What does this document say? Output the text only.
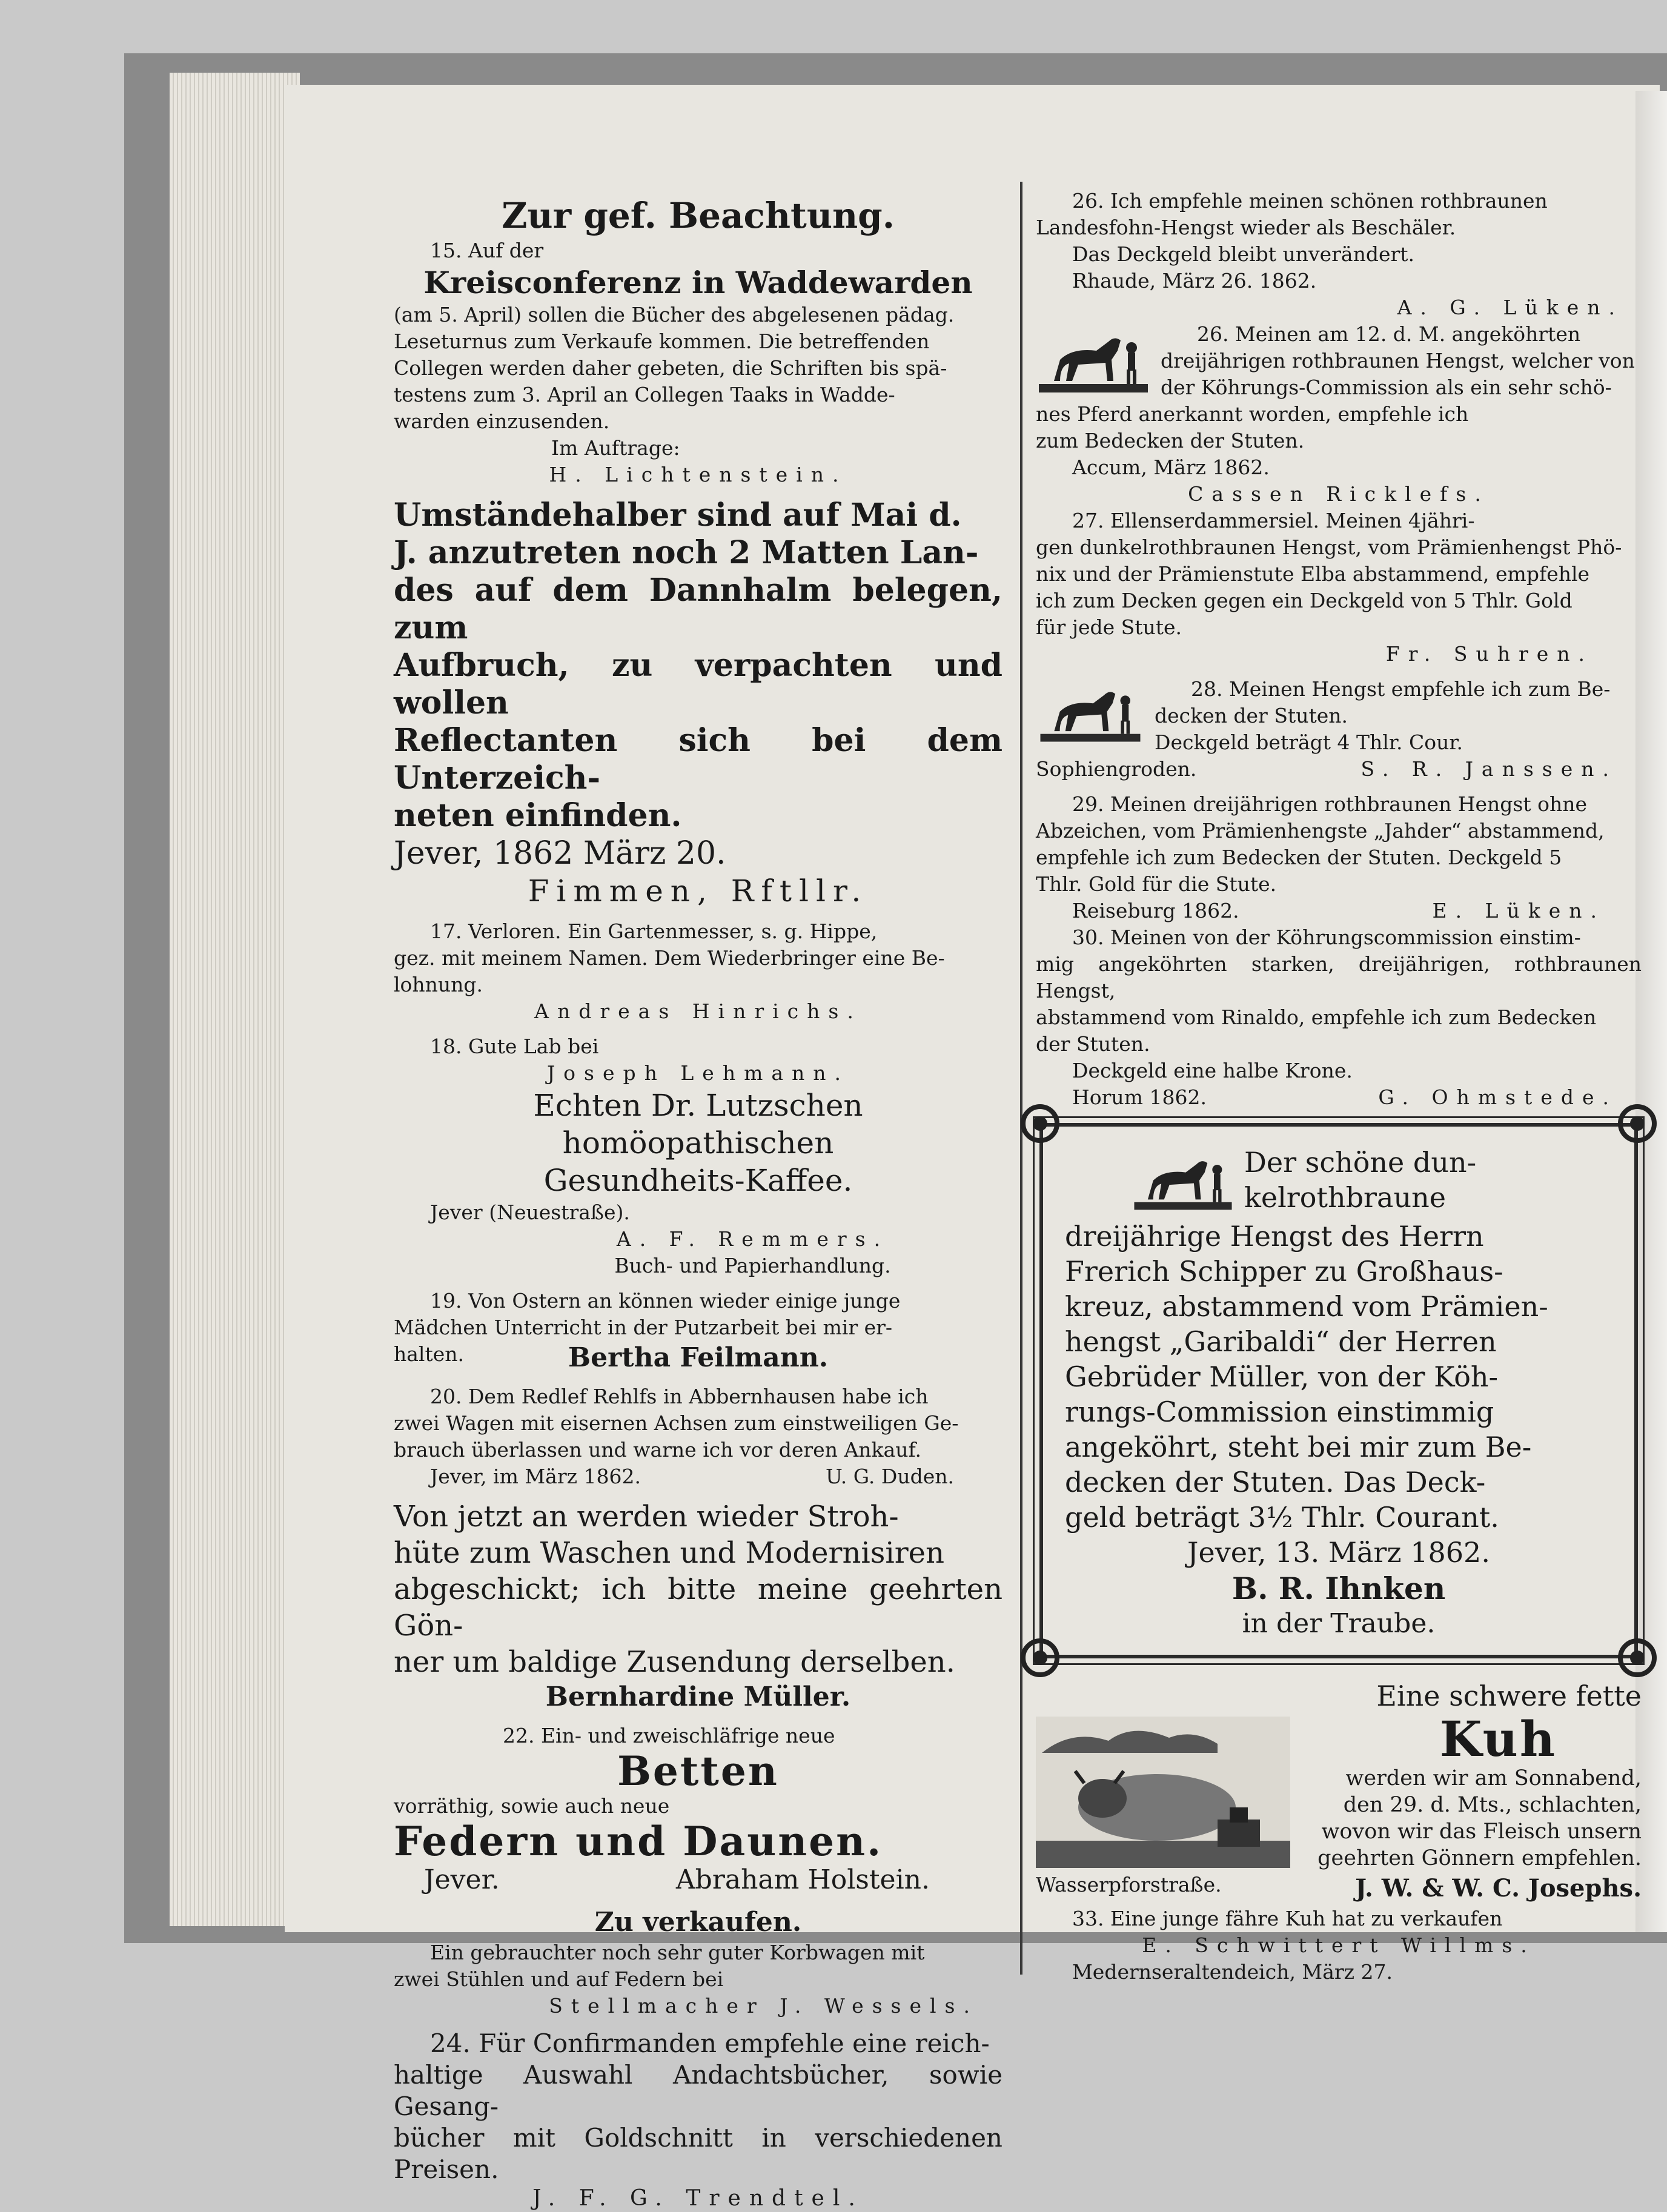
Zur gef. Beachtung.

15. Auf der

Kreisconferenz in Waddewarden

(am 5. April) sollen die Bücher des abgelesenen pädag.

Leseturnus zum Verkaufe kommen. Die betreffenden

Collegen werden daher gebeten, die Schriften bis spä-

testens zum 3. April an Collegen Taaks in Wadde-

warden einzusenden.

Im Auftrage:

H. Lichtenstein.

Umständehalber sind auf Mai d.

J. anzutreten noch 2 Matten Lan-

des auf dem Dannhalm belegen, zum

Aufbruch, zu verpachten und wollen

Reflectanten sich bei dem Unterzeich-

neten einfinden.

Jever, 1862 März 20.

Fimmen, Rftllr.

17. Verloren. Ein Gartenmesser, s. g. Hippe,

gez. mit meinem Namen. Dem Wiederbringer eine Be-

lohnung.

Andreas Hinrichs.

18. Gute Lab bei

Joseph Lehmann.

Echten Dr. Lutzschen homöopathischen

Gesundheits-Kaffee.

Jever (Neuestraße).

A. F. Remmers.

Buch- und Papierhandlung.

19. Von Ostern an können wieder einige junge

Mädchen Unterricht in der Putzarbeit bei mir er-

halten.	Bertha Feilmann.

20. Dem Redlef Rehlfs in Abbernhausen habe ich

zwei Wagen mit eisernen Achsen zum einstweiligen Ge-

brauch überlassen und warne ich vor deren Ankauf.

Jever, im März 1862.	U. G. Duden.

Von jetzt an werden wieder Stroh-

hüte zum Waschen und Modernisiren

abgeschickt; ich bitte meine geehrten Gön-

ner um baldige Zusendung derselben.

Bernhardine Müller.

22. Ein- und zweischläfrige neue

Betten

vorräthig, sowie auch neue

Federn und Daunen.

Jever.	Abraham Holstein.

Zu verkaufen.

Ein gebrauchter noch sehr guter Korbwagen mit

zwei Stühlen und auf Federn bei

Stellmacher J. Wessels.

24. Für Confirmanden empfehle eine reich-

haltige Auswahl Andachtsbücher, sowie Gesang-

bücher mit Goldschnitt in verschiedenen Preisen.

J. F. G. Trendtel.

26. Ich empfehle meinen schönen rothbraunen

Landesfohn-Hengst wieder als Beschäler.

Das Deckgeld bleibt unverändert.

Rhaude, März 26. 1862.

A. G. Lüken.

26. Meinen am 12. d. M. angeköhrten

dreijährigen rothbraunen Hengst, welcher von

der Köhrungs-Commission als ein sehr schö-

nes Pferd anerkannt worden, empfehle ich

zum Bedecken der Stuten.

Accum, März 1862.

Cassen Ricklefs.

27. Ellenserdammersiel. Meinen 4jähri-

gen dunkelrothbraunen Hengst, vom Prämienhengst Phö-

nix und der Prämienstute Elba abstammend, empfehle

ich zum Decken gegen ein Deckgeld von 5 Thlr. Gold

für jede Stute.

Fr. Suhren.

28. Meinen Hengst empfehle ich zum Be-

decken der Stuten.

Deckgeld beträgt 4 Thlr. Cour.

Sophiengroden.	S. R. Janssen.

29. Meinen dreijährigen rothbraunen Hengst ohne

Abzeichen, vom Prämienhengste „Jahder“ abstammend,

empfehle ich zum Bedecken der Stuten. Deckgeld 5

Thlr. Gold für die Stute.

Reiseburg 1862.	E. Lüken.

30. Meinen von der Köhrungscommission einstim-

mig angeköhrten starken, dreijährigen, rothbraunen Hengst,

abstammend vom Rinaldo, empfehle ich zum Bedecken

der Stuten.

Deckgeld eine halbe Krone.

Horum 1862.	G. Ohmstede.

Der schöne dun-

kelrothbraune

dreijährige Hengst des Herrn

Frerich Schipper zu Großhaus-

kreuz, abstammend vom Prämien-

hengst „Garibaldi“ der Herren

Gebrüder Müller, von der Köh-

rungs-Commission einstimmig

angeköhrt, steht bei mir zum Be-

decken der Stuten. Das Deck-

geld beträgt 3½ Thlr. Courant.

Jever, 13. März 1862.

B. R. Ihnken

in der Traube.

Eine schwere fette

Kuh

werden wir am Sonnabend,

den 29. d. Mts., schlachten,

wovon wir das Fleisch unsern

geehrten Gönnern empfehlen.

Wasserpforstraße.	J. W. & W. C. Josephs.

33. Eine junge fähre Kuh hat zu verkaufen

E. Schwittert Willms.

Medernseraltendeich, März 27.
